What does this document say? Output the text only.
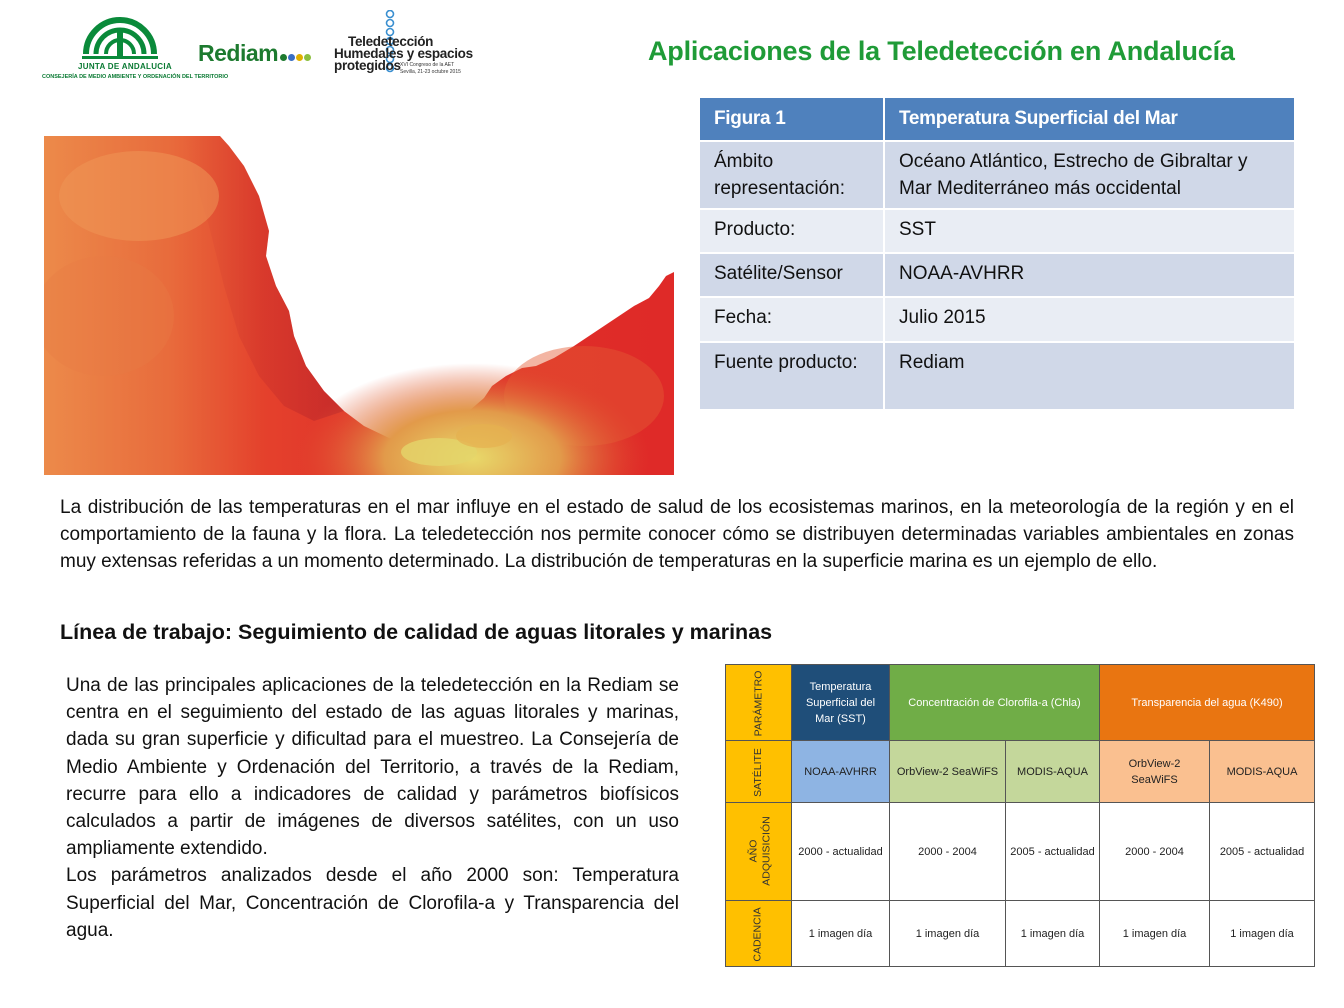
JUNTA DE ANDALUCIA
CONSEJERÍA DE MEDIO AMBIENTE Y ORDENACIÓN DEL TERRITORIO
Rediam	Teledetección
Humedales y espacios
protegidos XVI Congreso de la AET
Sevilla, 21-23 octubre 2015
Aplicaciones de la Teledetección en Andalucía
Figura 1	Temperatura Superficial del Mar
Ámbito representación:	Océano Atlántico, Estrecho de Gibraltar y Mar Mediterráneo más occidental
Producto:	SST
Satélite/Sensor	NOAA-AVHRR
Fecha:	Julio 2015
Fuente producto:	Rediam
La distribución de las temperaturas en el mar influye en el estado de salud de los ecosistemas marinos, en la meteorología de la región y en el comportamiento de la fauna y la flora. La teledetección nos permite conocer cómo se distribuyen determinadas variables ambientales en zonas muy extensas referidas a un momento determinado. La distribución de temperaturas en la superficie marina es un ejemplo de ello.
Línea de trabajo: Seguimiento de calidad de aguas litorales y marinas

Una de las principales aplicaciones de la teledetección en la Rediam se centra en el seguimiento del estado de las aguas litorales y marinas, dada su gran superficie y dificultad para el muestreo. La Consejería de Medio Ambiente y Ordenación del Territorio, a través de la Rediam, recurre para ello a indicadores de calidad y parámetros biofísicos calculados a partir de imágenes de diversos satélites, con un uso ampliamente extendido.

Los parámetros analizados desde el año 2000 son: Temperatura Superficial del Mar, Concentración de Clorofila-a y Transparencia del agua.

PARÁMETRO	Temperatura Superficial del Mar (SST)	Concentración de Clorofila-a (Chla)		Transparencia del agua (K490)	
SATÉLITE	NOAA-AVHRR	OrbView-2 SeaWiFS	MODIS-AQUA	OrbView-2 SeaWiFS	MODIS-AQUA

AÑO ADQUISICIÓN	2000 - actualidad	2000 - 2004	2005 - actualidad	2000 - 2004	2005 - actualidad
CADENCIA	1 imagen día	1 imagen día	1 imagen día	1 imagen día	1 imagen día
